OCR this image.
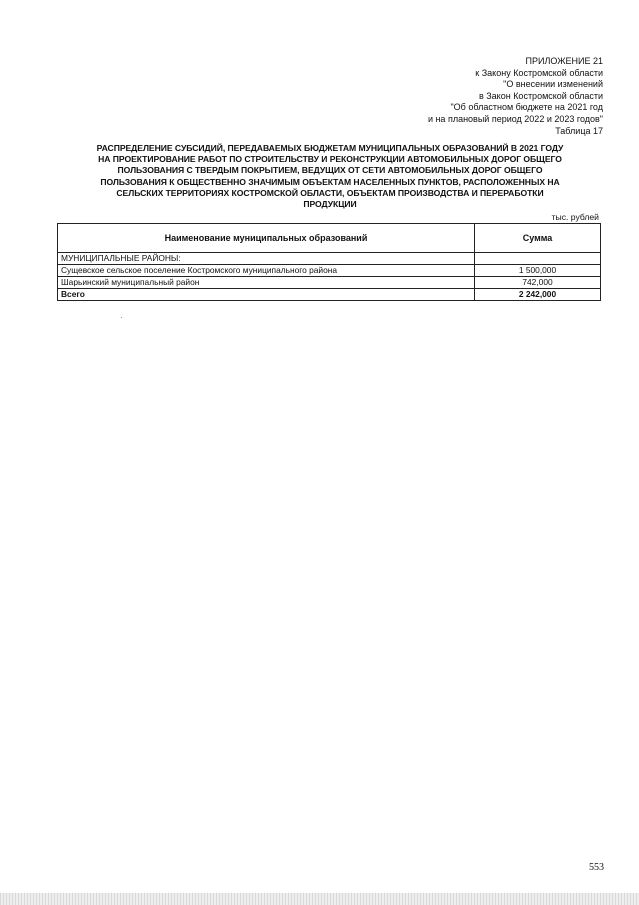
ПРИЛОЖЕНИЕ 21
к Закону Костромской области
"О внесении изменений
в Закон Костромской области
"Об областном бюджете на 2021 год
и на плановый период 2022 и 2023 годов"
Таблица 17
РАСПРЕДЕЛЕНИЕ СУБСИДИЙ, ПЕРЕДАВАЕМЫХ БЮДЖЕТАМ МУНИЦИПАЛЬНЫХ ОБРАЗОВАНИЙ В 2021 ГОДУ
НА ПРОЕКТИРОВАНИЕ РАБОТ ПО СТРОИТЕЛЬСТВУ И РЕКОНСТРУКЦИИ АВТОМОБИЛЬНЫХ ДОРОГ ОБЩЕГО
ПОЛЬЗОВАНИЯ С ТВЕРДЫМ ПОКРЫТИЕМ, ВЕДУЩИХ ОТ СЕТИ АВТОМОБИЛЬНЫХ ДОРОГ ОБЩЕГО
ПОЛЬЗОВАНИЯ К ОБЩЕСТВЕННО ЗНАЧИМЫМ ОБЪЕКТАМ НАСЕЛЕННЫХ ПУНКТОВ, РАСПОЛОЖЕННЫХ НА
СЕЛЬСКИХ ТЕРРИТОРИЯХ КОСТРОМСКОЙ ОБЛАСТИ, ОБЪЕКТАМ ПРОИЗВОДСТВА И ПЕРЕРАБОТКИ
ПРОДУКЦИИ
тыс. рублей
Наименование муниципальных образований	Сумма
МУНИЦИПАЛЬНЫЕ РАЙОНЫ:	
Сущевское сельское поселение Костромского муниципального района	1 500,000
Шарьинский муниципальный район	742,000
Всего	2 242,000
553
